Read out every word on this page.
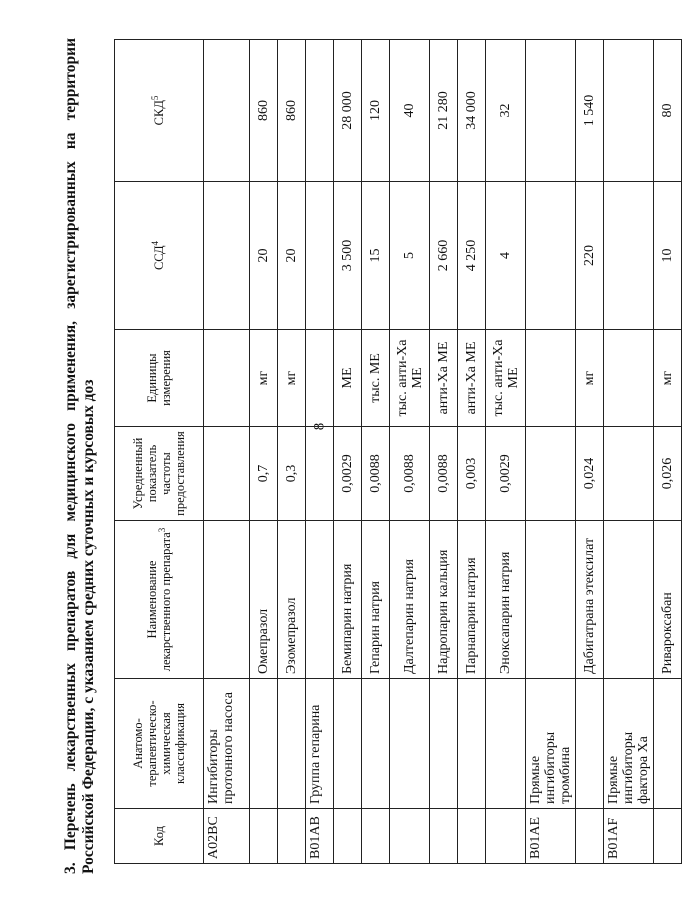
8

3. Перечень лекарственных препаратов для медицинского применения, зарегистрированных на территории Российской Федерации, с указанием средних суточных и курсовых доз	Код	Анатомо-терапевтическо-химическая классификация	Наименование лекарственного препарата$^3$	Усредненный показатель частоты предоставления	Единицы измерения	ССД$^4$	СКД$^5$
A02BC	Ингибиторы протонного насоса					
		Омепразол	0,7	мг	20	860
		Эзомепразол	0,3	мг	20	860
B01AB	Группа гепарина					
		Бемипарин натрия	0,0029	МЕ	3 500	28 000
		Гепарин натрия	0,0088	тыс. МЕ	15	120
		Далтепарин натрия	0,0088	тыс. анти-Ха МЕ	5	40
		Надропарин кальция	0,0088	анти-Ха МЕ	2 660	21 280
		Парнапарин натрия	0,003	анти-Ха МЕ	4 250	34 000
		Эноксапарин натрия	0,0029	тыс. анти-Ха МЕ	4	32
B01AE	Прямые ингибиторы тромбина					
		Дабигатрана этексилат	0,024	мг	220	1 540
B01AF	Прямые ингибиторы фактора Ха					
		Ривароксабан	0,026	мг	10	80
